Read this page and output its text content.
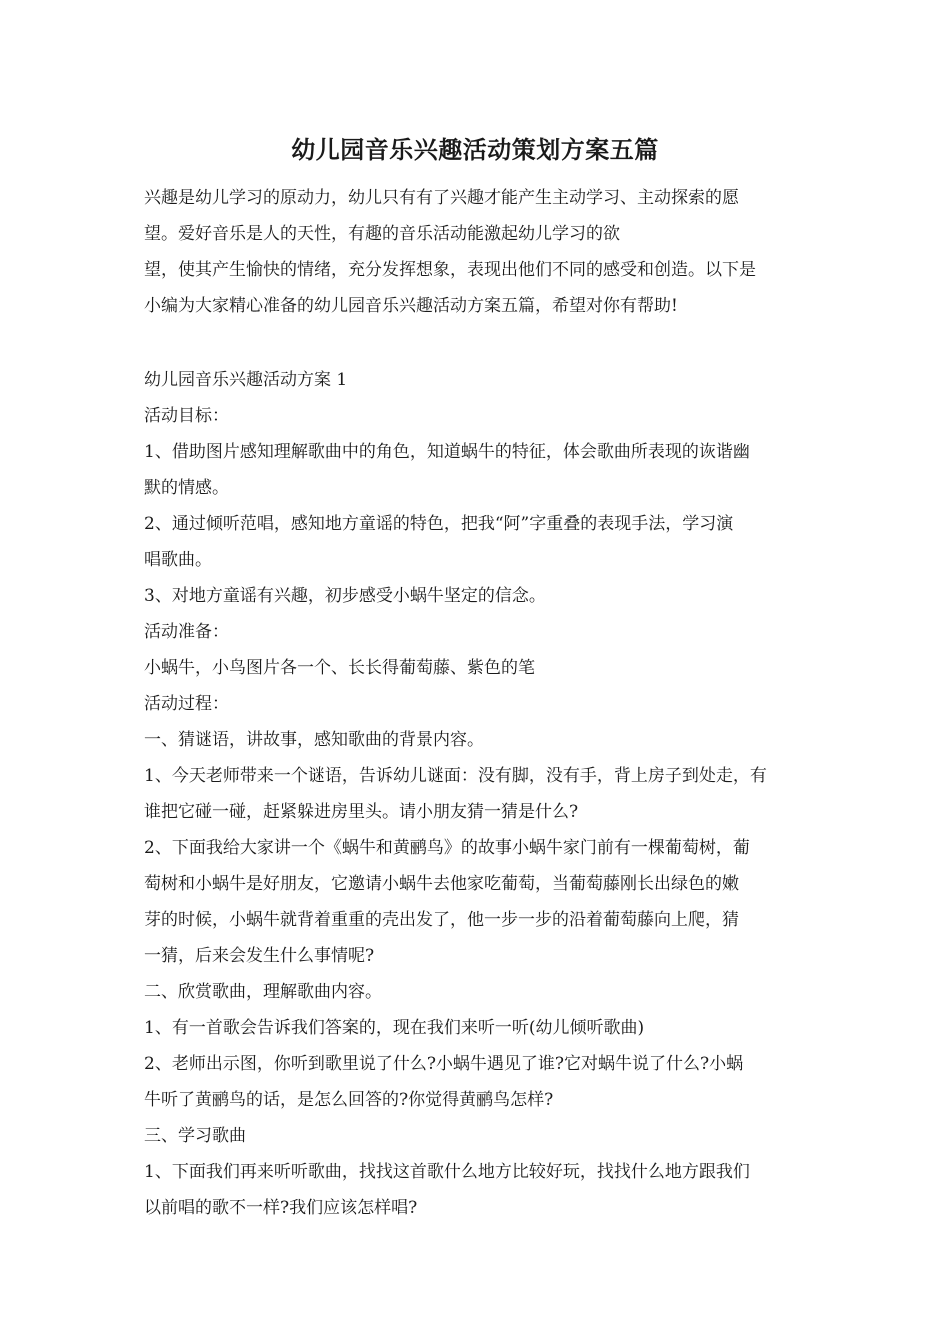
幼儿园音乐兴趣活动策划方案五篇
兴趣是幼儿学习的原动力，幼儿只有有了兴趣才能产生主动学习、主动探索的愿
望。爱好音乐是人的天性，有趣的音乐活动能激起幼儿学习的欲
望，使其产生愉快的情绪，充分发挥想象，表现出他们不同的感受和创造。以下是
小编为大家精心准备的幼儿园音乐兴趣活动方案五篇，希望对你有帮助!
幼儿园音乐兴趣活动方案 1
活动目标：
1、借助图片感知理解歌曲中的角色，知道蜗牛的特征，体会歌曲所表现的诙谐幽
默的情感。
2、通过倾听范唱，感知地方童谣的特色，把我“阿”字重叠的表现手法，学习演
唱歌曲。
3、对地方童谣有兴趣，初步感受小蜗牛坚定的信念。
活动准备：
小蜗牛，小鸟图片各一个、长长得葡萄藤、紫色的笔
活动过程：
一、猜谜语，讲故事，感知歌曲的背景内容。
1、今天老师带来一个谜语，告诉幼儿谜面：没有脚，没有手，背上房子到处走，有
谁把它碰一碰，赶紧躲进房里头。请小朋友猜一猜是什么?
2、下面我给大家讲一个《蜗牛和黄鹂鸟》的故事小蜗牛家门前有一棵葡萄树，葡
萄树和小蜗牛是好朋友，它邀请小蜗牛去他家吃葡萄，当葡萄藤刚长出绿色的嫩
芽的时候，小蜗牛就背着重重的壳出发了，他一步一步的沿着葡萄藤向上爬，猜
一猜，后来会发生什么事情呢?
二、欣赏歌曲，理解歌曲内容。
1、有一首歌会告诉我们答案的，现在我们来听一听(幼儿倾听歌曲)
2、老师出示图，你听到歌里说了什么?小蜗牛遇见了谁?它对蜗牛说了什么?小蜗
牛听了黄鹂鸟的话，是怎么回答的?你觉得黄鹂鸟怎样?
三、学习歌曲
1、下面我们再来听听歌曲，找找这首歌什么地方比较好玩，找找什么地方跟我们
以前唱的歌不一样?我们应该怎样唱?
